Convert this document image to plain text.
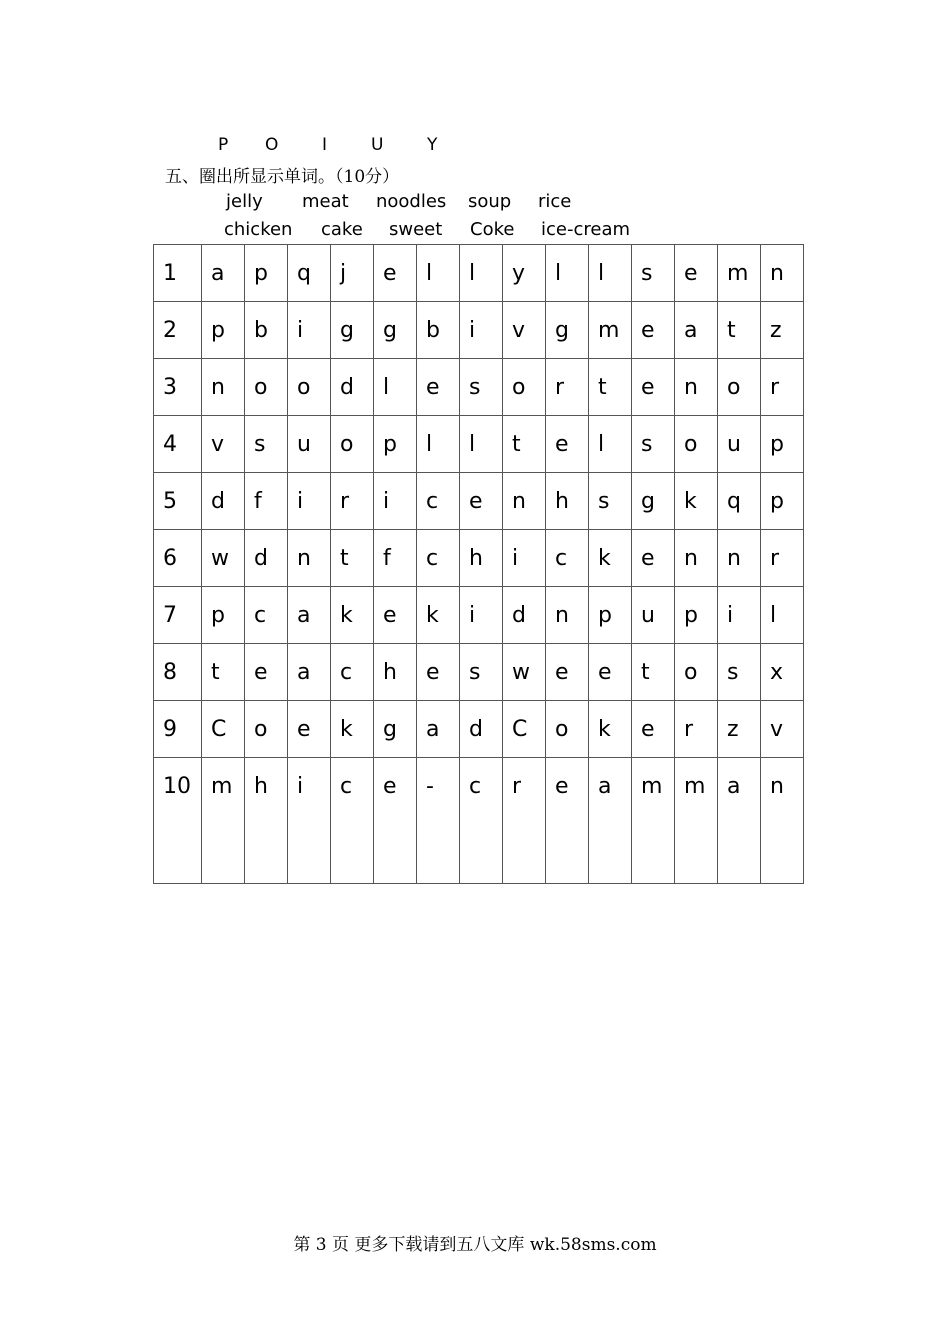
P O	I	U	Y
五、圈出所显示单词。（10分）
jelly meat noodles soup rice
chicken cake sweet Coke ice-cream
1	a	p	q	j	e	l	l	y	l	l	s	e	m	n
2	p	b	i	g	g	b	i	v	g	m	e	a	t	z
3	n	o	o	d	l	e	s	o	r	t	e	n	o	r
4	v	s	u	o	p	l	l	t	e	l	s	o	u	p
5	d	f	i	r	i	c	e	n	h	s	g	k	q	p
6	w	d	n	t	f	c	h	i	c	k	e	n	n	r
7	p	c	a	k	e	k	i	d	n	p	u	p	i	l
8	t	e	a	c	h	e	s	w	e	e	t	o	s	x
9	C	o	e	k	g	a	d	C	o	k	e	r	z	v
10	m	h	i	c	e	-	c	r	e	a	m	m	a	n
第 3 页 更多下载请到五八文库 wk.58sms.com
